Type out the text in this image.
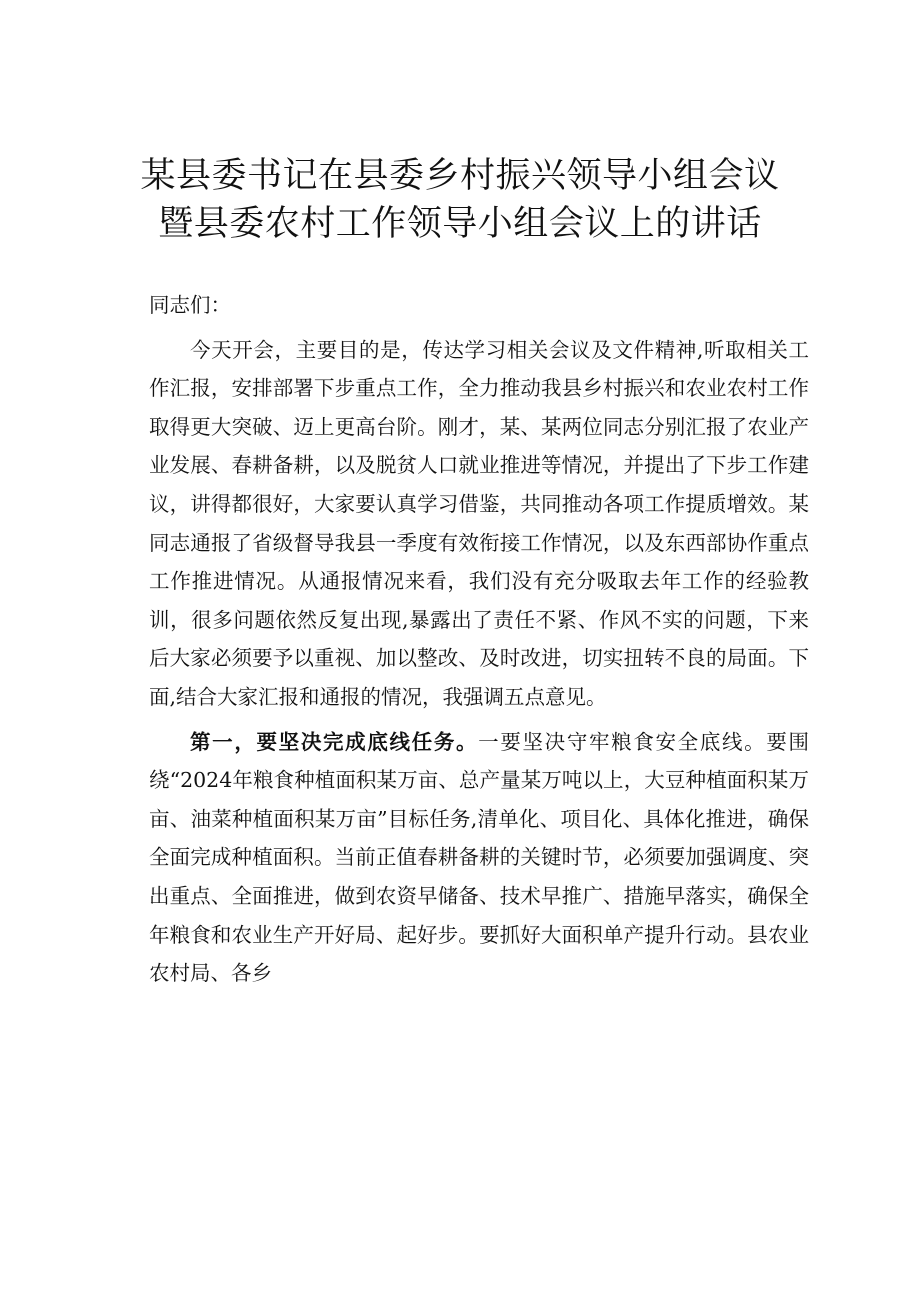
某县委书记在县委乡村振兴领导小组会议
暨县委农村工作领导小组会议上的讲话

同志们：

今天开会，主要目的是，传达学习相关会议及文件精神,听取相关工作汇报，安排部署下步重点工作，全力推动我县乡村振兴和农业农村工作取得更大突破、迈上更高台阶。刚才，某、某两位同志分别汇报了农业产业发展、春耕备耕，以及脱贫人口就业推进等情况，并提出了下步工作建议，讲得都很好，大家要认真学习借鉴，共同推动各项工作提质增效。某同志通报了省级督导我县一季度有效衔接工作情况，以及东西部协作重点工作推进情况。从通报情况来看，我们没有充分吸取去年工作的经验教训，很多问题依然反复出现,暴露出了责任不紧、作风不实的问题，下来后大家必须要予以重视、加以整改、及时改进，切实扭转不良的局面。下面,结合大家汇报和通报的情况，我强调五点意见。

第一，要坚决完成底线任务。一要坚决守牢粮食安全底线。要围绕“2024年粮食种植面积某万亩、总产量某万吨以上，大豆种植面积某万亩、油菜种植面积某万亩”目标任务,清单化、项目化、具体化推进，确保全面完成种植面积。当前正值春耕备耕的关键时节，必须要加强调度、突出重点、全面推进，做到农资早储备、技术早推广、措施早落实，确保全年粮食和农业生产开好局、起好步。要抓好大面积单产提升行动。县农业农村局、各乡
